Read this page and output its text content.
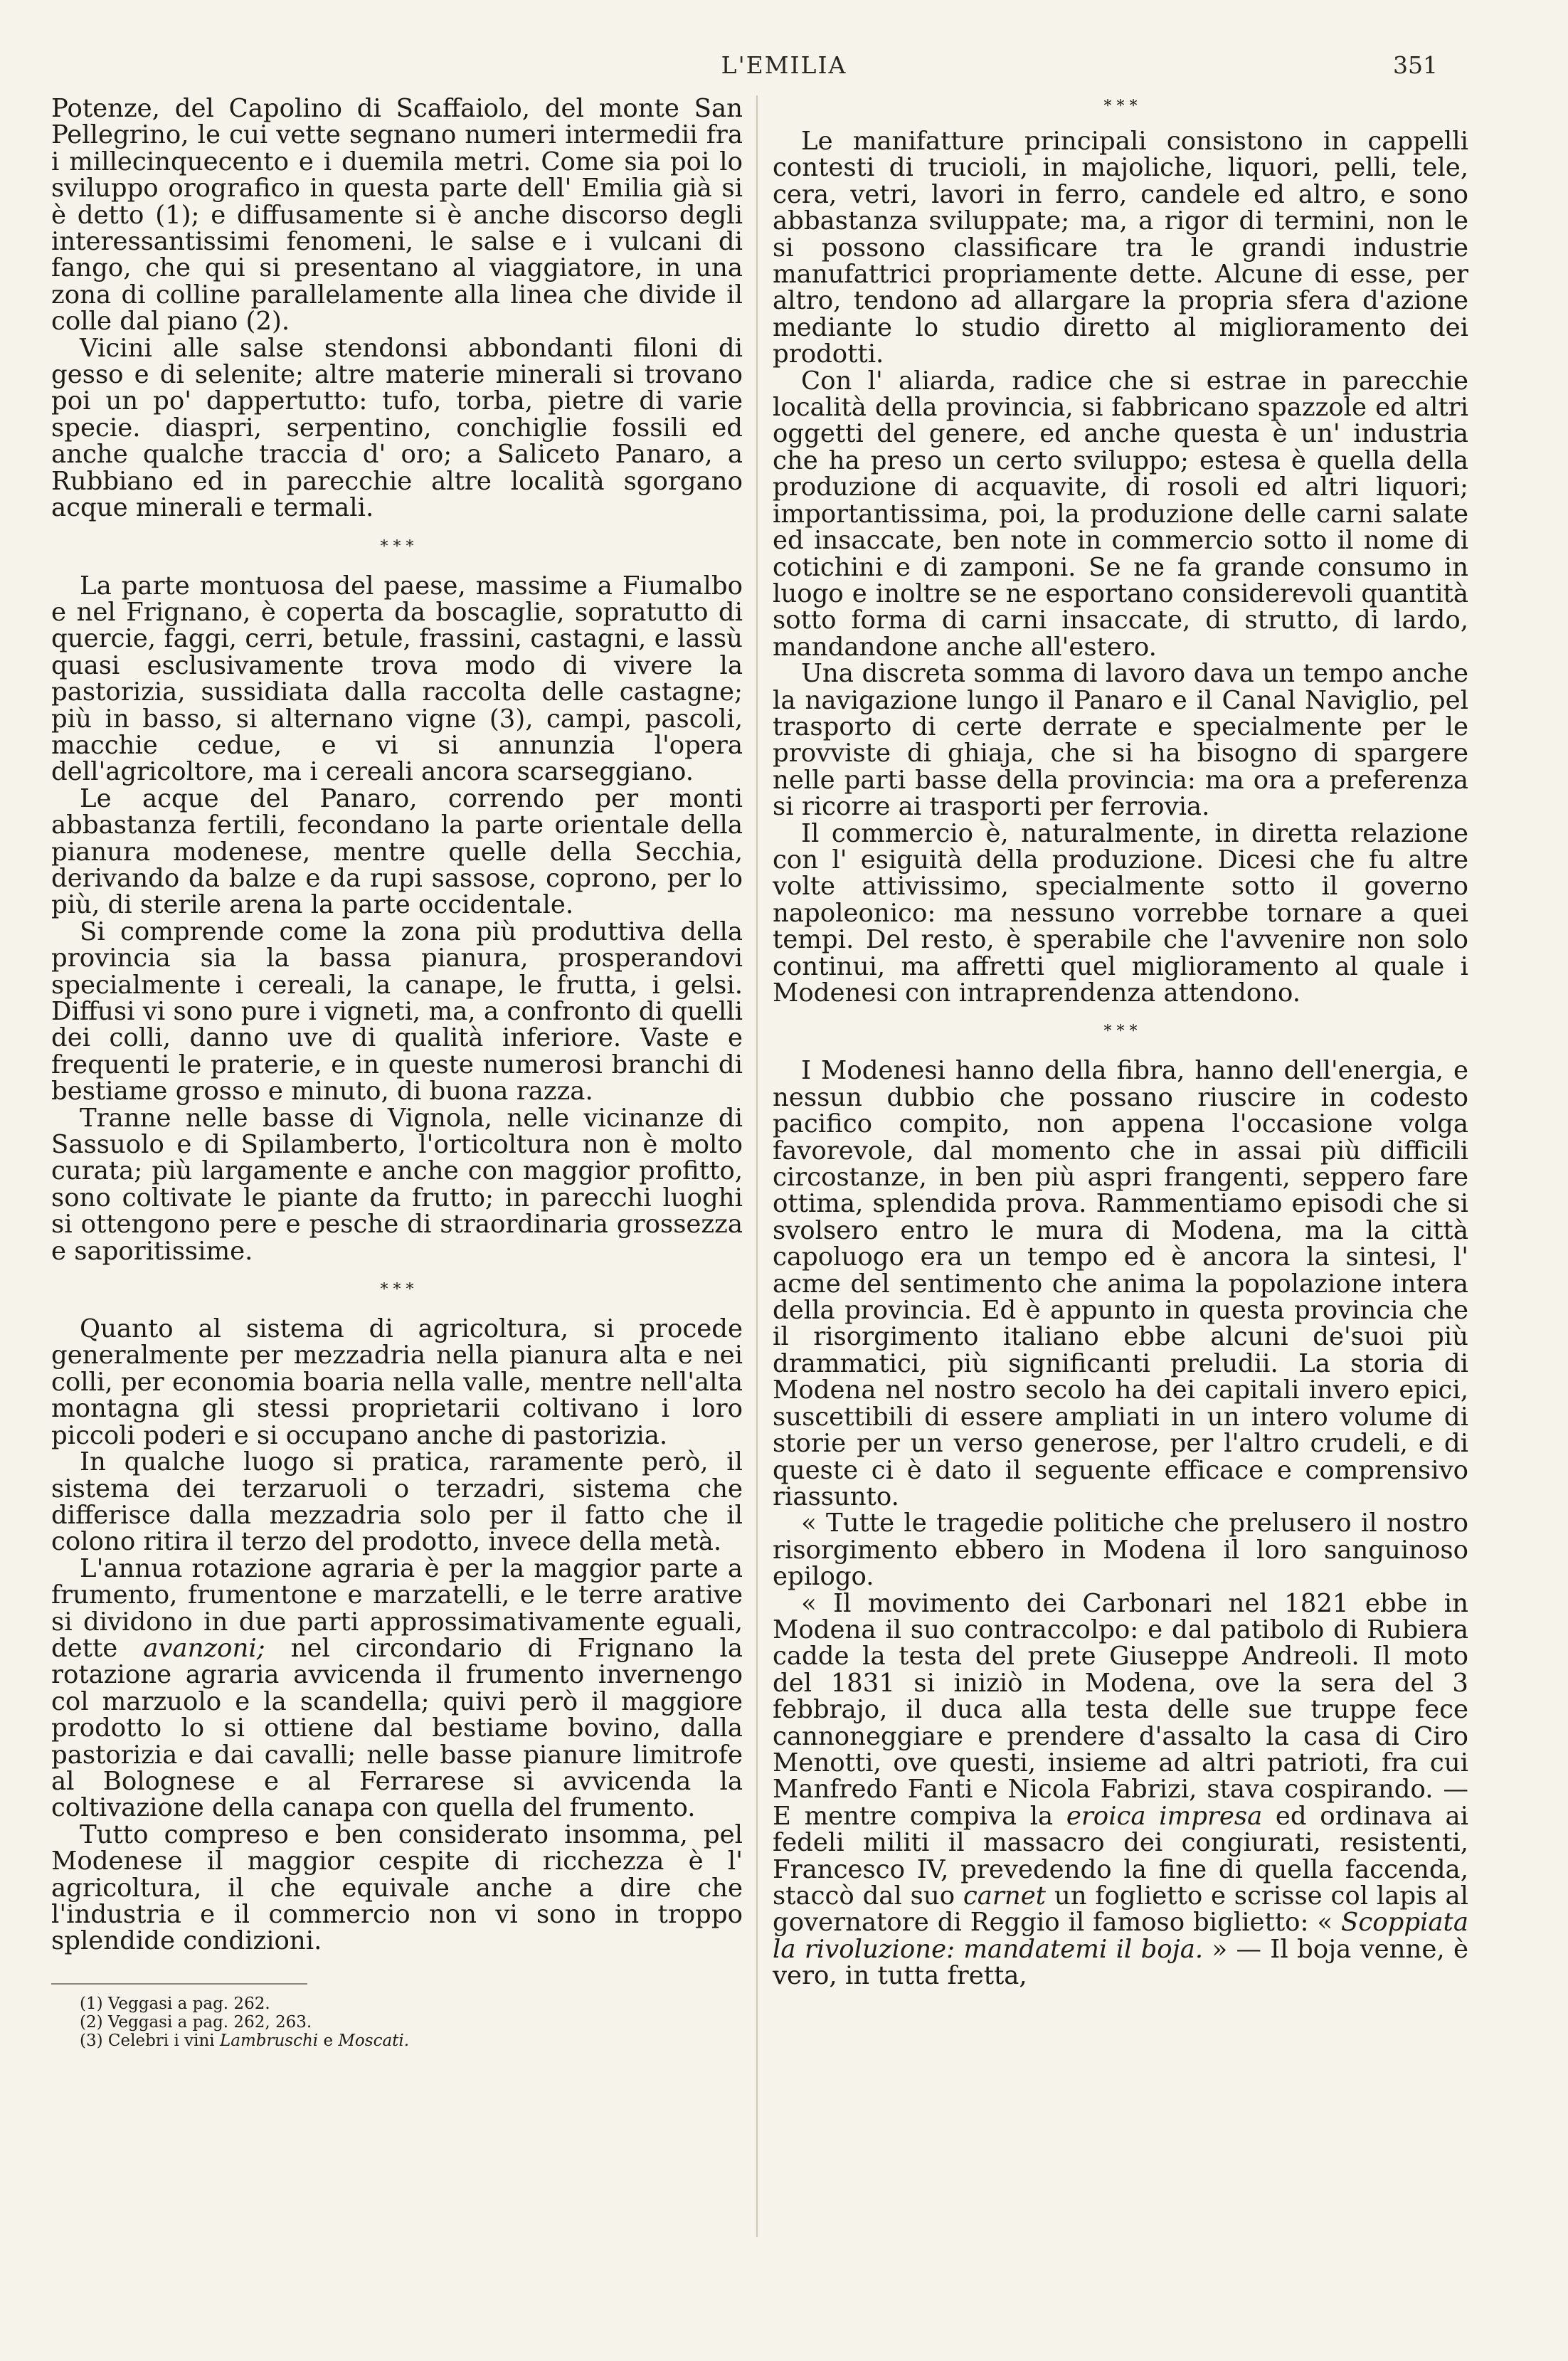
L'EMILIA	351

Potenze, del Capolino di Scaffaiolo, del monte San Pellegrino, le cui vette segnano numeri intermedii fra i millecinquecento e i duemila metri. Come sia poi lo sviluppo orografico in questa parte dell' Emilia già si è detto (1); e diffusamente si è anche discorso degli interessantissimi fenomeni, le salse e i vulcani di fango, che qui si presentano al viaggiatore, in una zona di colline parallelamente alla linea che divide il colle dal piano (2).

Vicini alle salse stendonsi abbondanti filoni di gesso e di selenite; altre materie minerali si trovano poi un po' dappertutto: tufo, torba, pietre di varie specie. diaspri, serpentino, conchiglie fossili ed anche qualche traccia d' oro; a Saliceto Panaro, a Rubbiano ed in parecchie altre località sgorgano acque minerali e termali.

* * *

La parte montuosa del paese, massime a Fiumalbo e nel Frignano, è coperta da boscaglie, sopratutto di quercie, faggi, cerri, betule, frassini, castagni, e lassù quasi esclusivamente trova modo di vivere la pastorizia, sussidiata dalla raccolta delle castagne; più in basso, si alternano vigne (3), campi, pascoli, macchie cedue, e vi si annunzia l'opera dell'agricoltore, ma i cereali ancora scarseggiano.

Le acque del Panaro, correndo per monti abbastanza fertili, fecondano la parte orientale della pianura modenese, mentre quelle della Secchia, derivando da balze e da rupi sassose, coprono, per lo più, di sterile arena la parte occidentale.

Si comprende come la zona più produttiva della provincia sia la bassa pianura, prosperandovi specialmente i cereali, la canape, le frutta, i gelsi. Diffusi vi sono pure i vigneti, ma, a confronto di quelli dei colli, danno uve di qualità inferiore. Vaste e frequenti le praterie, e in queste numerosi branchi di bestiame grosso e minuto, di buona razza.

Tranne nelle basse di Vignola, nelle vicinanze di Sassuolo e di Spilamberto, l'orticoltura non è molto curata; più largamente e anche con maggior profitto, sono coltivate le piante da frutto; in parecchi luoghi si ottengono pere e pesche di straordinaria grossezza e saporitissime.

* * *

Quanto al sistema di agricoltura, si procede generalmente per mezzadria nella pianura alta e nei colli, per economia boaria nella valle, mentre nell'alta montagna gli stessi proprietarii coltivano i loro piccoli poderi e si occupano anche di pastorizia.

In qualche luogo si pratica, raramente però, il sistema dei terzaruoli o terzadri, sistema che differisce dalla mezzadria solo per il fatto che il colono ritira il terzo del prodotto, invece della metà.

L'annua rotazione agraria è per la maggior parte a frumento, frumentone e marzatelli, e le terre arative si dividono in due parti approssimativamente eguali, dette avanzoni; nel circondario di Frignano la rotazione agraria avvicenda il frumento invernengo col marzuolo e la scandella; quivi però il maggiore prodotto lo si ottiene dal bestiame bovino, dalla pastorizia e dai cavalli; nelle basse pianure limitrofe al Bolognese e al Ferrarese si avvicenda la coltivazione della canapa con quella del frumento.

Tutto compreso e ben considerato insomma, pel Modenese il maggior cespite di ricchezza è l' agricoltura, il che equivale anche a dire che l'industria e il commercio non vi sono in troppo splendide condizioni.

(1) Veggasi a pag. 262.
(2) Veggasi a pag. 262, 263.
(3) Celebri i vini Lambruschi e Moscati.
* * *

Le manifatture principali consistono in cappelli contesti di trucioli, in majoliche, liquori, pelli, tele, cera, vetri, lavori in ferro, candele ed altro, e sono abbastanza sviluppate; ma, a rigor di termini, non le si possono classificare tra le grandi industrie manufattrici propriamente dette. Alcune di esse, per altro, tendono ad allargare la propria sfera d'azione mediante lo studio diretto al miglioramento dei prodotti.

Con l' aliarda, radice che si estrae in parecchie località della provincia, si fabbricano spazzole ed altri oggetti del genere, ed anche questa è un' industria che ha preso un certo sviluppo; estesa è quella della produzione di acquavite, di rosoli ed altri liquori; importantissima, poi, la produzione delle carni salate ed insaccate, ben note in commercio sotto il nome di cotichini e di zamponi. Se ne fa grande consumo in luogo e inoltre se ne esportano considerevoli quantità sotto forma di carni insaccate, di strutto, di lardo, mandandone anche all'estero.

Una discreta somma di lavoro dava un tempo anche la navigazione lungo il Panaro e il Canal Naviglio, pel trasporto di certe derrate e specialmente per le provviste di ghiaja, che si ha bisogno di spargere nelle parti basse della provincia: ma ora a preferenza si ricorre ai trasporti per ferrovia.

Il commercio è, naturalmente, in diretta relazione con l' esiguità della produzione. Dicesi che fu altre volte attivissimo, specialmente sotto il governo napoleonico: ma nessuno vorrebbe tornare a quei tempi. Del resto, è sperabile che l'avvenire non solo continui, ma affretti quel miglioramento al quale i Modenesi con intraprendenza attendono.

* * *

I Modenesi hanno della fibra, hanno dell'energia, e nessun dubbio che possano riuscire in codesto pacifico compito, non appena l'occasione volga favorevole, dal momento che in assai più difficili circostanze, in ben più aspri frangenti, seppero fare ottima, splendida prova. Rammentiamo episodi che si svolsero entro le mura di Modena, ma la città capoluogo era un tempo ed è ancora la sintesi, l' acme del sentimento che anima la popolazione intera della provincia. Ed è appunto in questa provincia che il risorgimento italiano ebbe alcuni de'suoi più drammatici, più significanti preludii. La storia di Modena nel nostro secolo ha dei capitali invero epici, suscettibili di essere ampliati in un intero volume di storie per un verso generose, per l'altro crudeli, e di queste ci è dato il seguente efficace e comprensivo riassunto.

« Tutte le tragedie politiche che prelusero il nostro risorgimento ebbero in Modena il loro sanguinoso epilogo.

« Il movimento dei Carbonari nel 1821 ebbe in Modena il suo contraccolpo: e dal patibolo di Rubiera cadde la testa del prete Giuseppe Andreoli. Il moto del 1831 si iniziò in Modena, ove la sera del 3 febbrajo, il duca alla testa delle sue truppe fece cannoneggiare e prendere d'assalto la casa di Ciro Menotti, ove questi, insieme ad altri patrioti, fra cui Manfredo Fanti e Nicola Fabrizi, stava cospirando. — E mentre compiva la eroica impresa ed ordinava ai fedeli militi il massacro dei congiurati, resistenti, Francesco IV, prevedendo la fine di quella faccenda, staccò dal suo carnet un foglietto e scrisse col lapis al governatore di Reggio il famoso biglietto: « Scoppiata la rivoluzione: mandatemi il boja. » — Il boja venne, è vero, in tutta fretta,
